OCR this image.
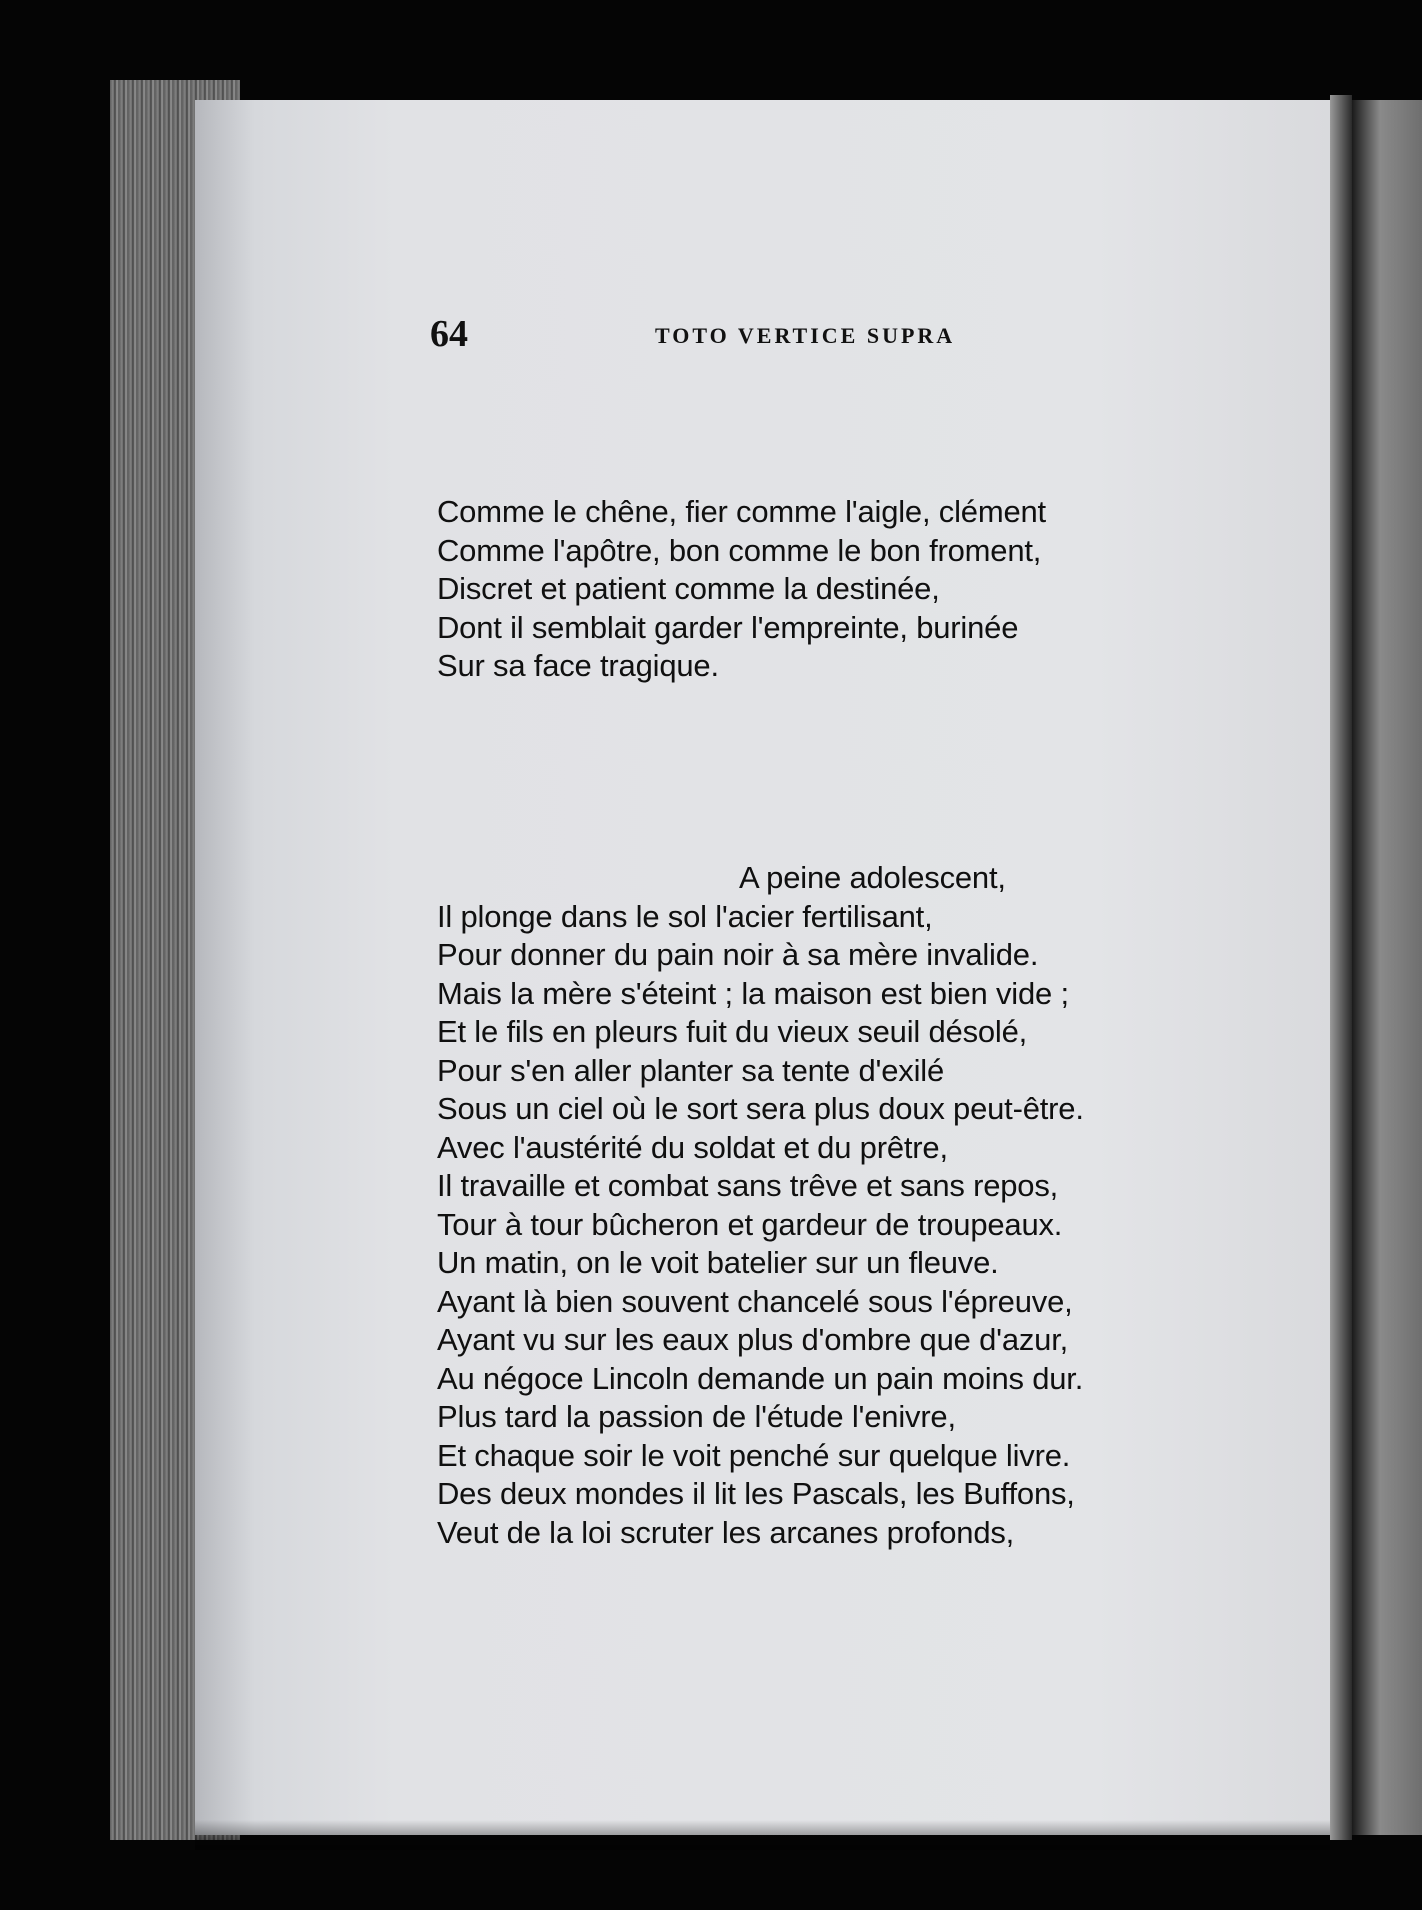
64	TOTO VERTICE SUPRA
Comme le chêne, fier comme l'aigle, clément
Comme l'apôtre, bon comme le bon froment,
Discret et patient comme la destinée,
Dont il semblait garder l'empreinte, burinée
Sur sa face tragique.
A peine adolescent,
Il plonge dans le sol l'acier fertilisant,
Pour donner du pain noir à sa mère invalide.
Mais la mère s'éteint ; la maison est bien vide ;
Et le fils en pleurs fuit du vieux seuil désolé,
Pour s'en aller planter sa tente d'exilé
Sous un ciel où le sort sera plus doux peut-être.
Avec l'austérité du soldat et du prêtre,
Il travaille et combat sans trêve et sans repos,
Tour à tour bûcheron et gardeur de troupeaux.
Un matin, on le voit batelier sur un fleuve.
Ayant là bien souvent chancelé sous l'épreuve,
Ayant vu sur les eaux plus d'ombre que d'azur,
Au négoce Lincoln demande un pain moins dur.
Plus tard la passion de l'étude l'enivre,
Et chaque soir le voit penché sur quelque livre.
Des deux mondes il lit les Pascals, les Buffons,
Veut de la loi scruter les arcanes profonds,
